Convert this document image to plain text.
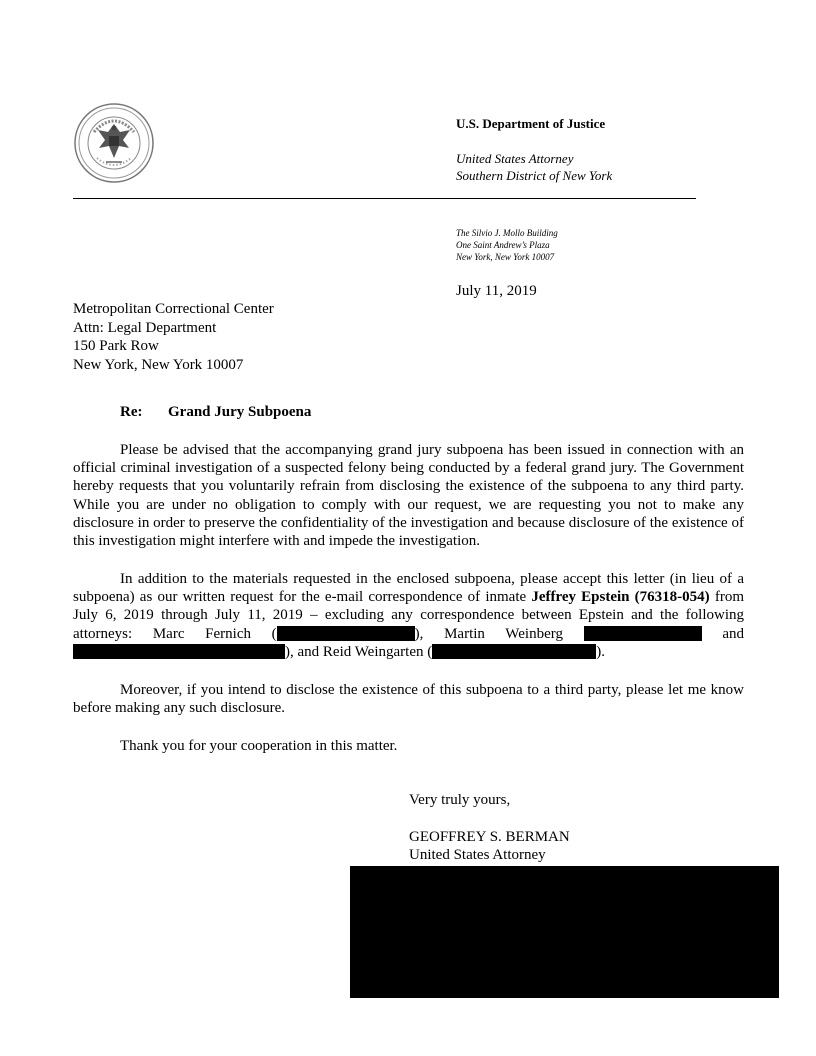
U.S. Department of Justice
United States Attorney
Southern District of New York
The Silvio J. Mollo Building
One Saint Andrew’s Plaza
New York, New York 10007
July 11, 2019
Metropolitan Correctional Center
Attn: Legal Department
150 Park Row
New York, New York 10007
Re: Grand Jury Subpoena
Please be advised that the accompanying grand jury subpoena has been issued in connection with an official criminal investigation of a suspected felony being conducted by a federal grand jury. The Government hereby requests that you voluntarily refrain from disclosing the existence of the subpoena to any third party. While you are under no obligation to comply with our request, we are requesting you not to make any disclosure in order to preserve the confidentiality of the investigation and because disclosure of the existence of this investigation might interfere with and impede the investigation.
In addition to the materials requested in the enclosed subpoena, please accept this letter (in lieu of a subpoena) as our written request for the e-mail correspondence of inmate Jeffrey Epstein (76318-054) from July 6, 2019 through July 11, 2019 – excluding any correspondence between Epstein and the following attorneys: Marc Fernich (	), Martin Weinberg	and ), and Reid Weingarten (	).
Moreover, if you intend to disclose the existence of this subpoena to a third party, please let me know before making any such disclosure.
Thank you for your cooperation in this matter.
Very truly yours,
GEOFFREY S. BERMAN
United States Attorney
